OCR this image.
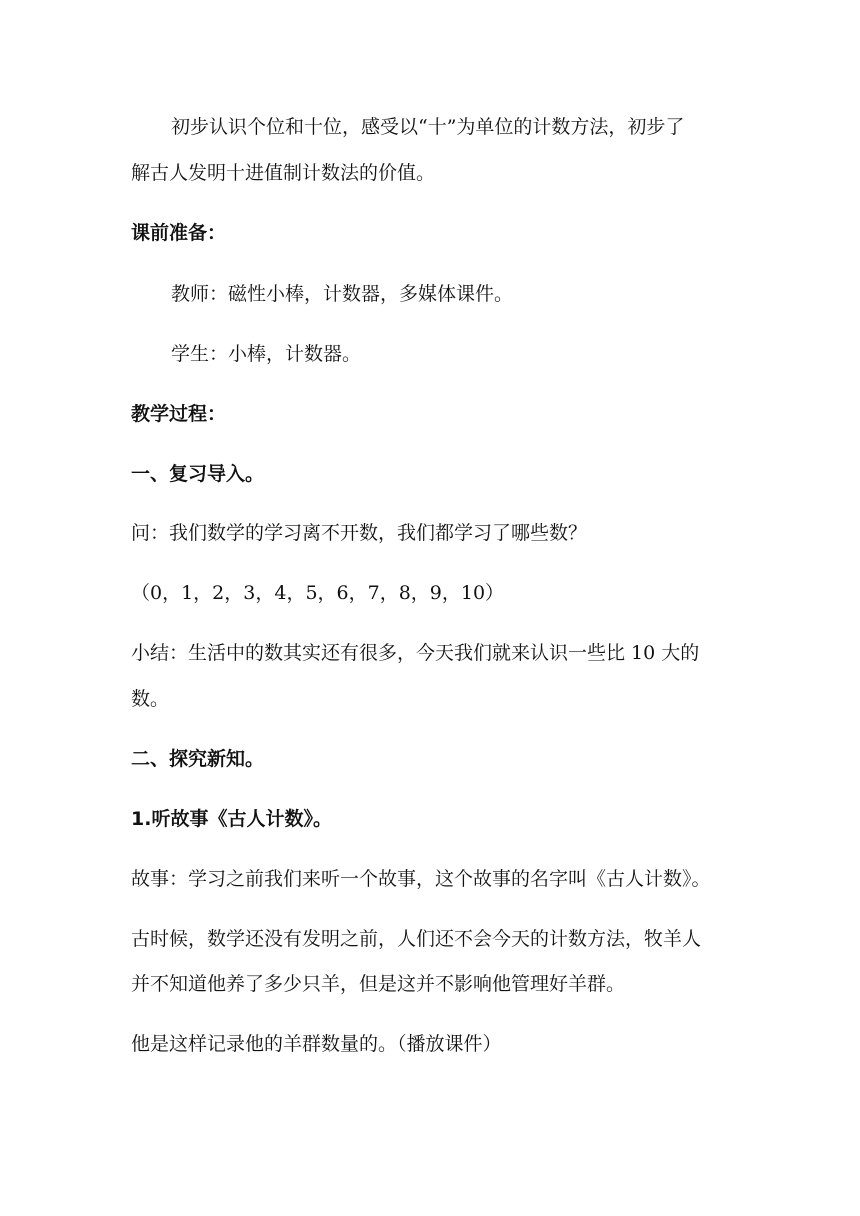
初步认识个位和十位，感受以“十”为单位的计数方法，初步了
解古人发明十进值制计数法的价值。
课前准备：
教师：磁性小棒，计数器，多媒体课件。
学生：小棒，计数器。
教学过程：
一、复习导入。
问：我们数学的学习离不开数，我们都学习了哪些数？
（0，1，2，3，4，5，6，7，8，9，10）
小结：生活中的数其实还有很多，今天我们就来认识一些比 10 大的
数。
二、探究新知。
1.听故事《古人计数》。
故事：学习之前我们来听一个故事，这个故事的名字叫《古人计数》。
古时候，数学还没有发明之前，人们还不会今天的计数方法，牧羊人
并不知道他养了多少只羊，但是这并不影响他管理好羊群。
他是这样记录他的羊群数量的。（播放课件）
